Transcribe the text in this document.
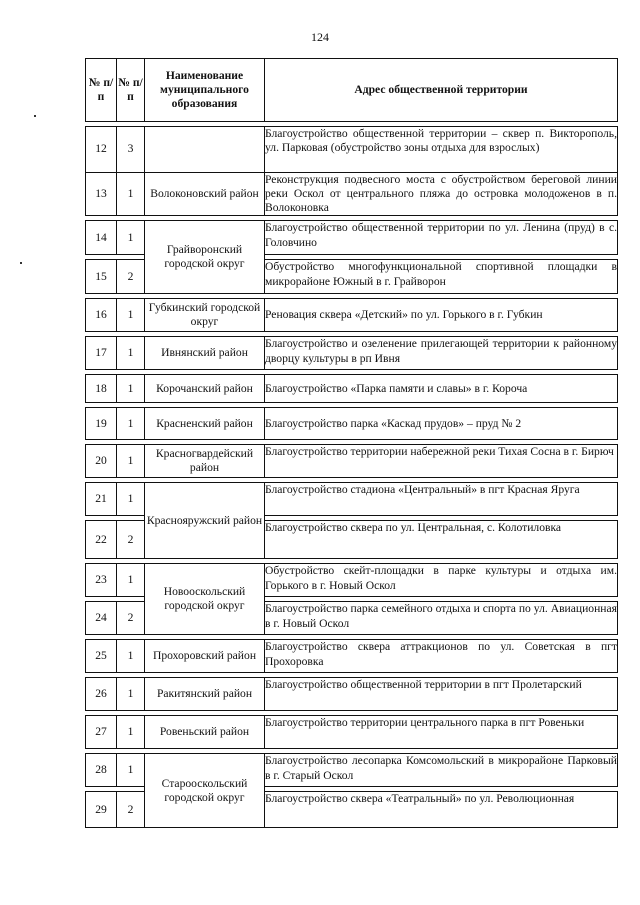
124
№ п/п	№ п/п	Наименование муниципального образования	Адрес общественной территории

12	3		Благоустройство общественной территории – сквер п. Викторополь, ул. Парковая (обустройство зоны отдыха для взрослых)

13	1	Волоконовский район	Реконструкция подвесного моста с обустройством береговой линии реки Оскол от центрального пляжа до островка молодоженов в п. Волоконовка

14	1	Грайворонский городской округ	Благоустройство общественной территории по ул. Ленина (пруд) в с. Головчино

15	2		Обустройство многофункциональной спортивной площадки в микрорайоне Южный в г. Грайворон

16	1	Губкинский городской округ	Реновация сквера «Детский» по ул. Горького в г. Губкин

17	1	Ивнянский район	Благоустройство и озеленение прилегающей территории к районному дворцу культуры в рп Ивня

18	1	Корочанский район	Благоустройство «Парка памяти и славы» в г. Короча

19	1	Красненский район	Благоустройство парка «Каскад прудов» – пруд № 2

20	1	Красногвардейский район	Благоустройство территории набережной реки Тихая Сосна в г. Бирюч

21	1	Краснояружский район	Благоустройство стадиона «Центральный» в пгт Красная Яруга

22	2		Благоустройство сквера по ул. Центральная, с. Колотиловка

23	1	Новооскольский городской округ	Обустройство скейт-площадки в парке культуры и отдыха им. Горького в г. Новый Оскол

24	2		Благоустройство парка семейного отдыха и спорта по ул. Авиационная в г. Новый Оскол

25	1	Прохоровский район	Благоустройство сквера аттракционов по ул. Советская в пгт Прохоровка

26	1	Ракитянский район	Благоустройство общественной территории в пгт Пролетарский

27	1	Ровеньский район	Благоустройство территории центрального парка в пгт Ровеньки

28	1	Старооскольский городской округ	Благоустройство лесопарка Комсомольский в микрорайоне Парковый в г. Старый Оскол

29	2		Благоустройство сквера «Театральный» по ул. Революционная
